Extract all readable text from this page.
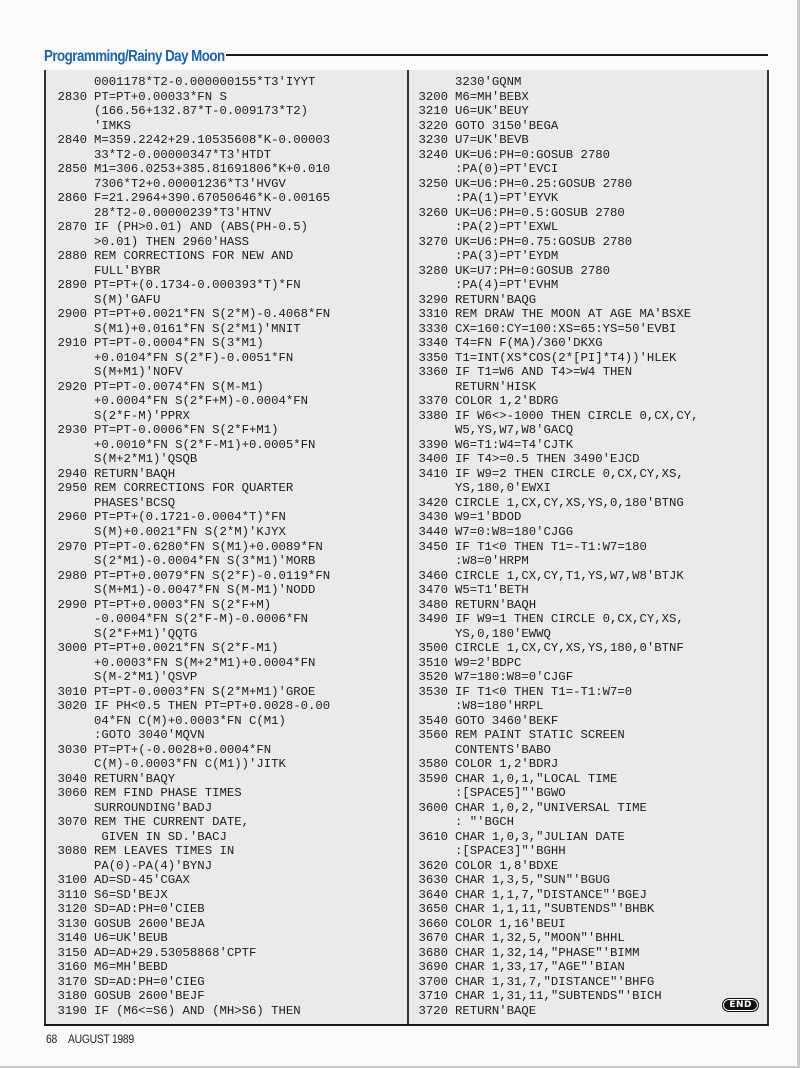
Programming/Rainy Day Moon
0001178*T2-0.000000155*T3'IYYT
2830 PT=PT+0.00033*FN S
(166.56+132.87*T-0.009173*T2)
'IMKS
2840 M=359.2242+29.10535608*K-0.00003
33*T2-0.00000347*T3'HTDT
2850 M1=306.0253+385.81691806*K+0.010
7306*T2+0.00001236*T3'HVGV
2860 F=21.2964+390.67050646*K-0.00165
28*T2-0.00000239*T3'HTNV
2870 IF (PH>0.01) AND (ABS(PH-0.5)
>0.01) THEN 2960'HASS
2880 REM CORRECTIONS FOR NEW AND
FULL'BYBR
2890 PT=PT+(0.1734-0.000393*T)*FN
S(M)'GAFU
2900 PT=PT+0.0021*FN S(2*M)-0.4068*FN
S(M1)+0.0161*FN S(2*M1)'MNIT
2910 PT=PT-0.0004*FN S(3*M1)
+0.0104*FN S(2*F)-0.0051*FN
S(M+M1)'NOFV
2920 PT=PT-0.0074*FN S(M-M1)
+0.0004*FN S(2*F+M)-0.0004*FN
S(2*F-M)'PPRX
2930 PT=PT-0.0006*FN S(2*F+M1)
+0.0010*FN S(2*F-M1)+0.0005*FN
S(M+2*M1)'QSQB
2940 RETURN'BAQH
2950 REM CORRECTIONS FOR QUARTER
PHASES'BCSQ
2960 PT=PT+(0.1721-0.0004*T)*FN
S(M)+0.0021*FN S(2*M)'KJYX
2970 PT=PT-0.6280*FN S(M1)+0.0089*FN
S(2*M1)-0.0004*FN S(3*M1)'MORB
2980 PT=PT+0.0079*FN S(2*F)-0.0119*FN
S(M+M1)-0.0047*FN S(M-M1)'NODD
2990 PT=PT+0.0003*FN S(2*F+M)
-0.0004*FN S(2*F-M)-0.0006*FN
S(2*F+M1)'QQTG
3000 PT=PT+0.0021*FN S(2*F-M1)
+0.0003*FN S(M+2*M1)+0.0004*FN
S(M-2*M1)'QSVP
3010 PT=PT-0.0003*FN S(2*M+M1)'GROE
3020 IF PH<0.5 THEN PT=PT+0.0028-0.00
04*FN C(M)+0.0003*FN C(M1)
:GOTO 3040'MQVN
3030 PT=PT+(-0.0028+0.0004*FN
C(M)-0.0003*FN C(M1))'JITK
3040 RETURN'BAQY
3060 REM FIND PHASE TIMES
SURROUNDING'BADJ
3070 REM THE CURRENT DATE,
GIVEN IN SD.'BACJ
3080 REM LEAVES TIMES IN
PA(0)-PA(4)'BYNJ
3100 AD=SD-45'CGAX
3110 S6=SD'BEJX
3120 SD=AD:PH=0'CIEB
3130 GOSUB 2600'BEJA
3140 U6=UK'BEUB
3150 AD=AD+29.53058868'CPTF
3160 M6=MH'BEBD
3170 SD=AD:PH=0'CIEG
3180 GOSUB 2600'BEJF
3190 IF (M6<=S6) AND (MH>S6) THEN
3230'GQNM
3200 M6=MH'BEBX
3210 U6=UK'BEUY
3220 GOTO 3150'BEGA
3230 U7=UK'BEVB
3240 UK=U6:PH=0:GOSUB 2780
:PA(0)=PT'EVCI
3250 UK=U6:PH=0.25:GOSUB 2780
:PA(1)=PT'EYVK
3260 UK=U6:PH=0.5:GOSUB 2780
:PA(2)=PT'EXWL
3270 UK=U6:PH=0.75:GOSUB 2780
:PA(3)=PT'EYDM
3280 UK=U7:PH=0:GOSUB 2780
:PA(4)=PT'EVHM
3290 RETURN'BAQG
3310 REM DRAW THE MOON AT AGE MA'BSXE
3330 CX=160:CY=100:XS=65:YS=50'EVBI
3340 T4=FN F(MA)/360'DKXG
3350 T1=INT(XS*COS(2*[PI]*T4))'HLEK
3360 IF T1=W6 AND T4>=W4 THEN
RETURN'HISK
3370 COLOR 1,2'BDRG
3380 IF W6<>-1000 THEN CIRCLE 0,CX,CY,
W5,YS,W7,W8'GACQ
3390 W6=T1:W4=T4'CJTK
3400 IF T4>=0.5 THEN 3490'EJCD
3410 IF W9=2 THEN CIRCLE 0,CX,CY,XS,
YS,180,0'EWXI
3420 CIRCLE 1,CX,CY,XS,YS,0,180'BTNG
3430 W9=1'BDOD
3440 W7=0:W8=180'CJGG
3450 IF T1<0 THEN T1=-T1:W7=180
:W8=0'HRPM
3460 CIRCLE 1,CX,CY,T1,YS,W7,W8'BTJK
3470 W5=T1'BETH
3480 RETURN'BAQH
3490 IF W9=1 THEN CIRCLE 0,CX,CY,XS,
YS,0,180'EWWQ
3500 CIRCLE 1,CX,CY,XS,YS,180,0'BTNF
3510 W9=2'BDPC
3520 W7=180:W8=0'CJGF
3530 IF T1<0 THEN T1=-T1:W7=0
:W8=180'HRPL
3540 GOTO 3460'BEKF
3560 REM PAINT STATIC SCREEN
CONTENTS'BABO
3580 COLOR 1,2'BDRJ
3590 CHAR 1,0,1,"LOCAL TIME
:[SPACE5]"'BGWO
3600 CHAR 1,0,2,"UNIVERSAL TIME
: "'BGCH
3610 CHAR 1,0,3,"JULIAN DATE
:[SPACE3]"'BGHH
3620 COLOR 1,8'BDXE
3630 CHAR 1,3,5,"SUN"'BGUG
3640 CHAR 1,1,7,"DISTANCE"'BGEJ
3650 CHAR 1,1,11,"SUBTENDS"'BHBK
3660 COLOR 1,16'BEUI
3670 CHAR 1,32,5,"MOON"'BHHL
3680 CHAR 1,32,14,"PHASE"'BIMM
3690 CHAR 1,33,17,"AGE"'BIAN
3700 CHAR 1,31,7,"DISTANCE"'BHFG
3710 CHAR 1,31,11,"SUBTENDS"'BICH
3720 RETURN'BAQE	END
68 AUGUST 1989
